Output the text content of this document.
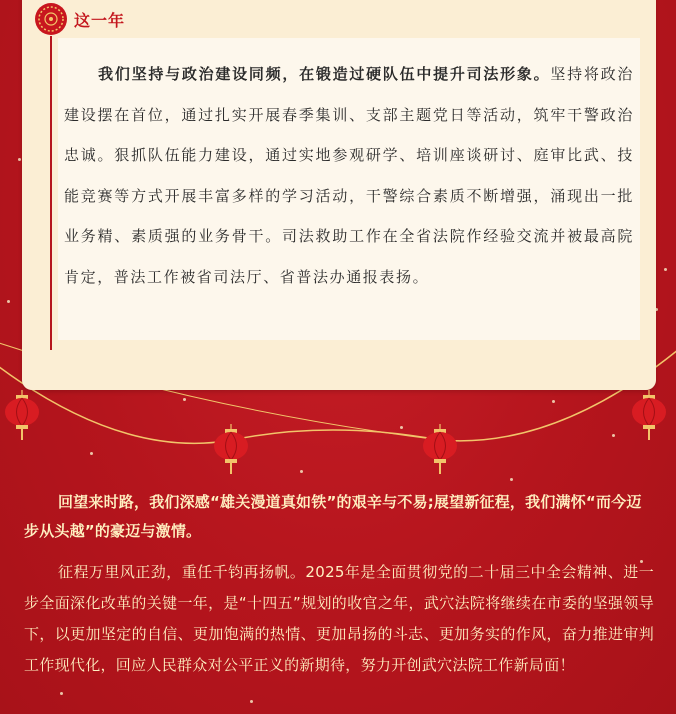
这一年

我们坚持与政治建设同频，在锻造过硬队伍中提升司法形象。坚持将政治建设摆在首位，通过扎实开展春季集训、支部主题党日等活动，筑牢干警政治忠诚。狠抓队伍能力建设，通过实地参观研学、培训座谈研讨、庭审比武、技能竞赛等方式开展丰富多样的学习活动，干警综合素质不断增强，涌现出一批业务精、素质强的业务骨干。司法救助工作在全省法院作经验交流并被最高院肯定，普法工作被省司法厅、省普法办通报表扬。

回望来时路，我们深感“雄关漫道真如铁”的艰辛与不易;展望新征程，我们满怀“而今迈步从头越”的豪迈与激情。

征程万里风正劲，重任千钧再扬帆。2025年是全面贯彻党的二十届三中全会精神、进一步全面深化改革的关键一年，是“十四五”规划的收官之年，武穴法院将继续在市委的坚强领导下，以更加坚定的自信、更加饱满的热情、更加昂扬的斗志、更加务实的作风，奋力推进审判工作现代化，回应人民群众对公平正义的新期待，努力开创武穴法院工作新局面！
